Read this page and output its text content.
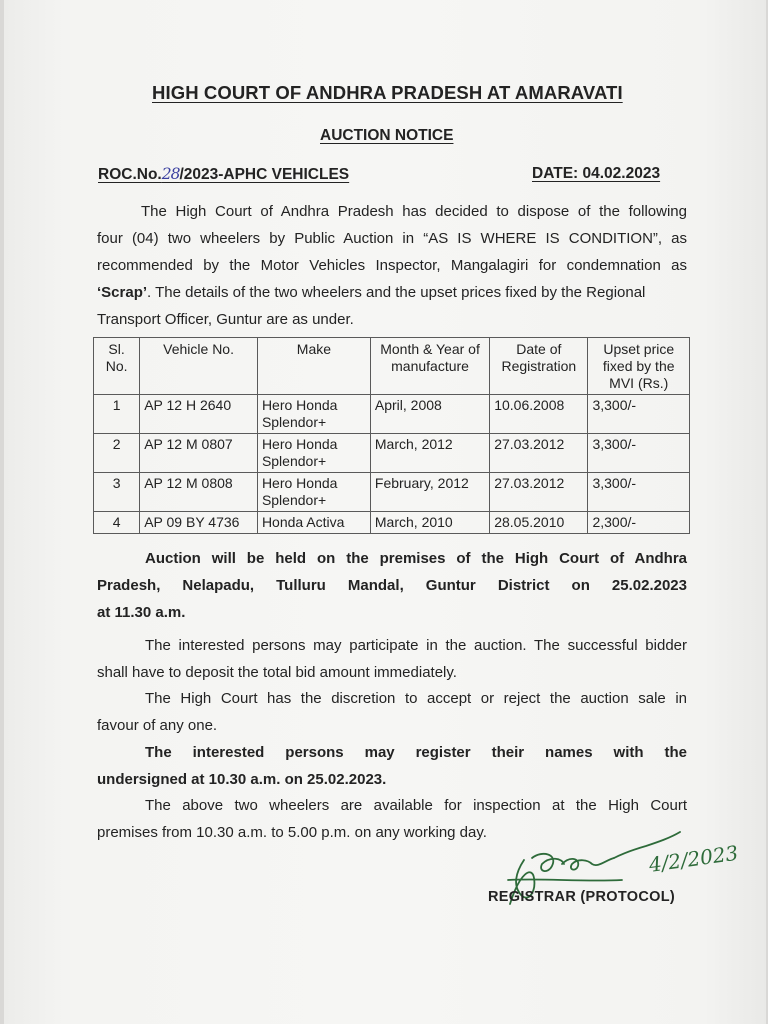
HIGH COURT OF ANDHRA PRADESH AT AMARAVATI
AUCTION NOTICE
ROC.No.28/2023-APHC VEHICLES	DATE: 04.02.2023
The High Court of Andhra Pradesh has decided to dispose of the following
four (04) two wheelers by Public Auction in “AS IS WHERE IS CONDITION”, as
recommended by the Motor Vehicles Inspector, Mangalagiri for condemnation as
‘Scrap’. The details of the two wheelers and the upset prices fixed by the Regional
Transport Officer, Guntur are as under.
Sl. No.	Vehicle No.	Make	Month & Year of manufacture	Date of Registration	Upset price fixed by the MVI (Rs.)
1	AP 12 H 2640	Hero Honda Splendor+	April, 2008	10.06.2008	3,300/-
2	AP 12 M 0807	Hero Honda Splendor+	March, 2012	27.03.2012	3,300/-
3	AP 12 M 0808	Hero Honda Splendor+	February, 2012	27.03.2012	3,300/-
4	AP 09 BY 4736	Honda Activa	March, 2010	28.05.2010	2,300/-
Auction will be held on the premises of the High Court of Andhra
Pradesh, Nelapadu, Tulluru Mandal, Guntur District on 25.02.2023
at 11.30 a.m.
The interested persons may participate in the auction. The successful bidder
shall have to deposit the total bid amount immediately.
The High Court has the discretion to accept or reject the auction sale in
favour of any one.
The interested persons may register their names with the
undersigned at 10.30 a.m. on 25.02.2023.
The above two wheelers are available for inspection at the High Court
premises from 10.30 a.m. to 5.00 p.m. on any working day.
4/2/2023
REGISTRAR (PROTOCOL)
